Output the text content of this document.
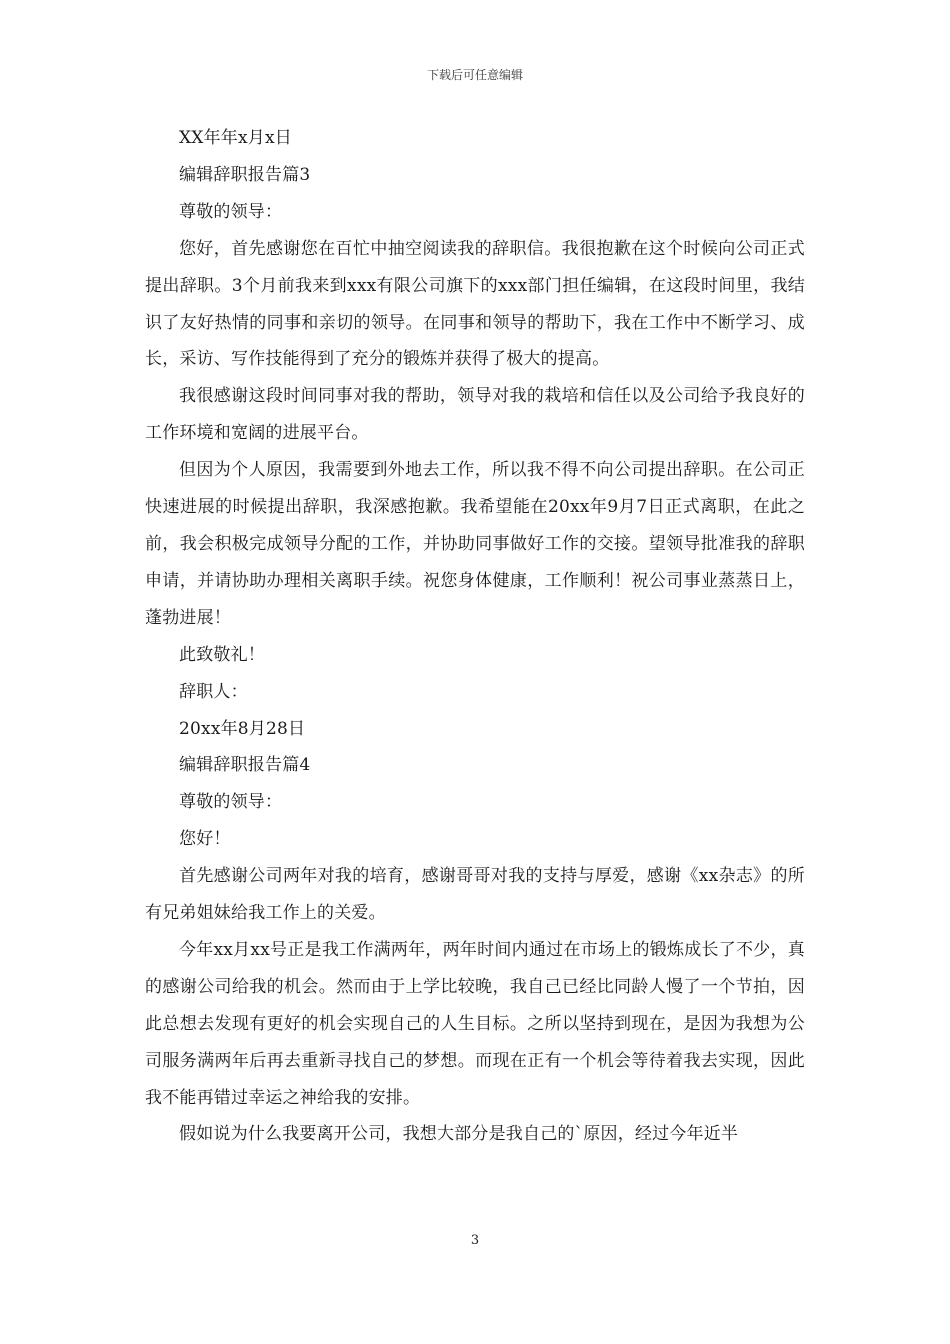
下载后可任意编辑

XX年年x月x日

编辑辞职报告篇3

尊敬的领导：

您好，首先感谢您在百忙中抽空阅读我的辞职信。我很抱歉在这个时候向公司正式提出辞职。3个月前我来到xxx有限公司旗下的xxx部门担任编辑，在这段时间里，我结识了友好热情的同事和亲切的领导。在同事和领导的帮助下，我在工作中不断学习、成长，采访、写作技能得到了充分的锻炼并获得了极大的提高。

我很感谢这段时间同事对我的帮助，领导对我的栽培和信任以及公司给予我良好的工作环境和宽阔的进展平台。

但因为个人原因，我需要到外地去工作，所以我不得不向公司提出辞职。在公司正快速进展的时候提出辞职，我深感抱歉。我希望能在20xx年9月7日正式离职，在此之前，我会积极完成领导分配的工作，并协助同事做好工作的交接。望领导批准我的辞职申请，并请协助办理相关离职手续。祝您身体健康，工作顺利！祝公司事业蒸蒸日上，蓬勃进展！

此致敬礼！

辞职人：

20xx年8月28日

编辑辞职报告篇4

尊敬的领导：

您好！

首先感谢公司两年对我的培育，感谢哥哥对我的支持与厚爱，感谢《xx杂志》的所有兄弟姐妹给我工作上的关爱。

今年xx月xx号正是我工作满两年，两年时间内通过在市场上的锻炼成长了不少，真的感谢公司给我的机会。然而由于上学比较晚，我自己已经比同龄人慢了一个节拍，因此总想去发现有更好的机会实现自己的人生目标。之所以坚持到现在，是因为我想为公司服务满两年后再去重新寻找自己的梦想。而现在正有一个机会等待着我去实现，因此我不能再错过幸运之神给我的安排。

假如说为什么我要离开公司，我想大部分是我自己的`原因，经过今年近半

3
